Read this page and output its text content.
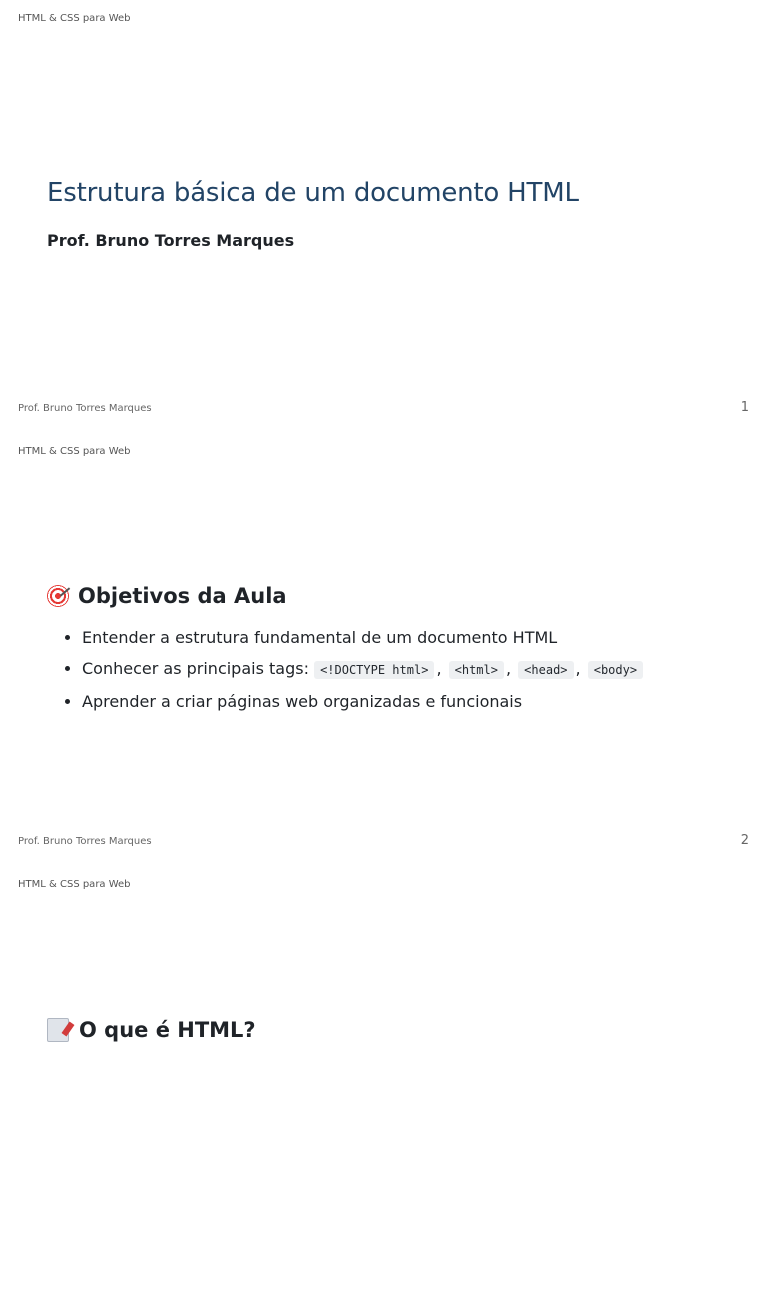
HTML & CSS para Web
Estrutura básica de um documento HTML
Prof. Bruno Torres Marques
Prof. Bruno Torres Marques	1
HTML & CSS para Web
Prof. Bruno Torres Marques	2
Objetivos da Aula
• Entender a estrutura fundamental de um documento HTML
• Conhecer as principais tags: <!DOCTYPE html> , <html> , <head> , <body>
• Aprender a criar páginas web organizadas e funcionais
HTML & CSS para Web
O que é HTML?
